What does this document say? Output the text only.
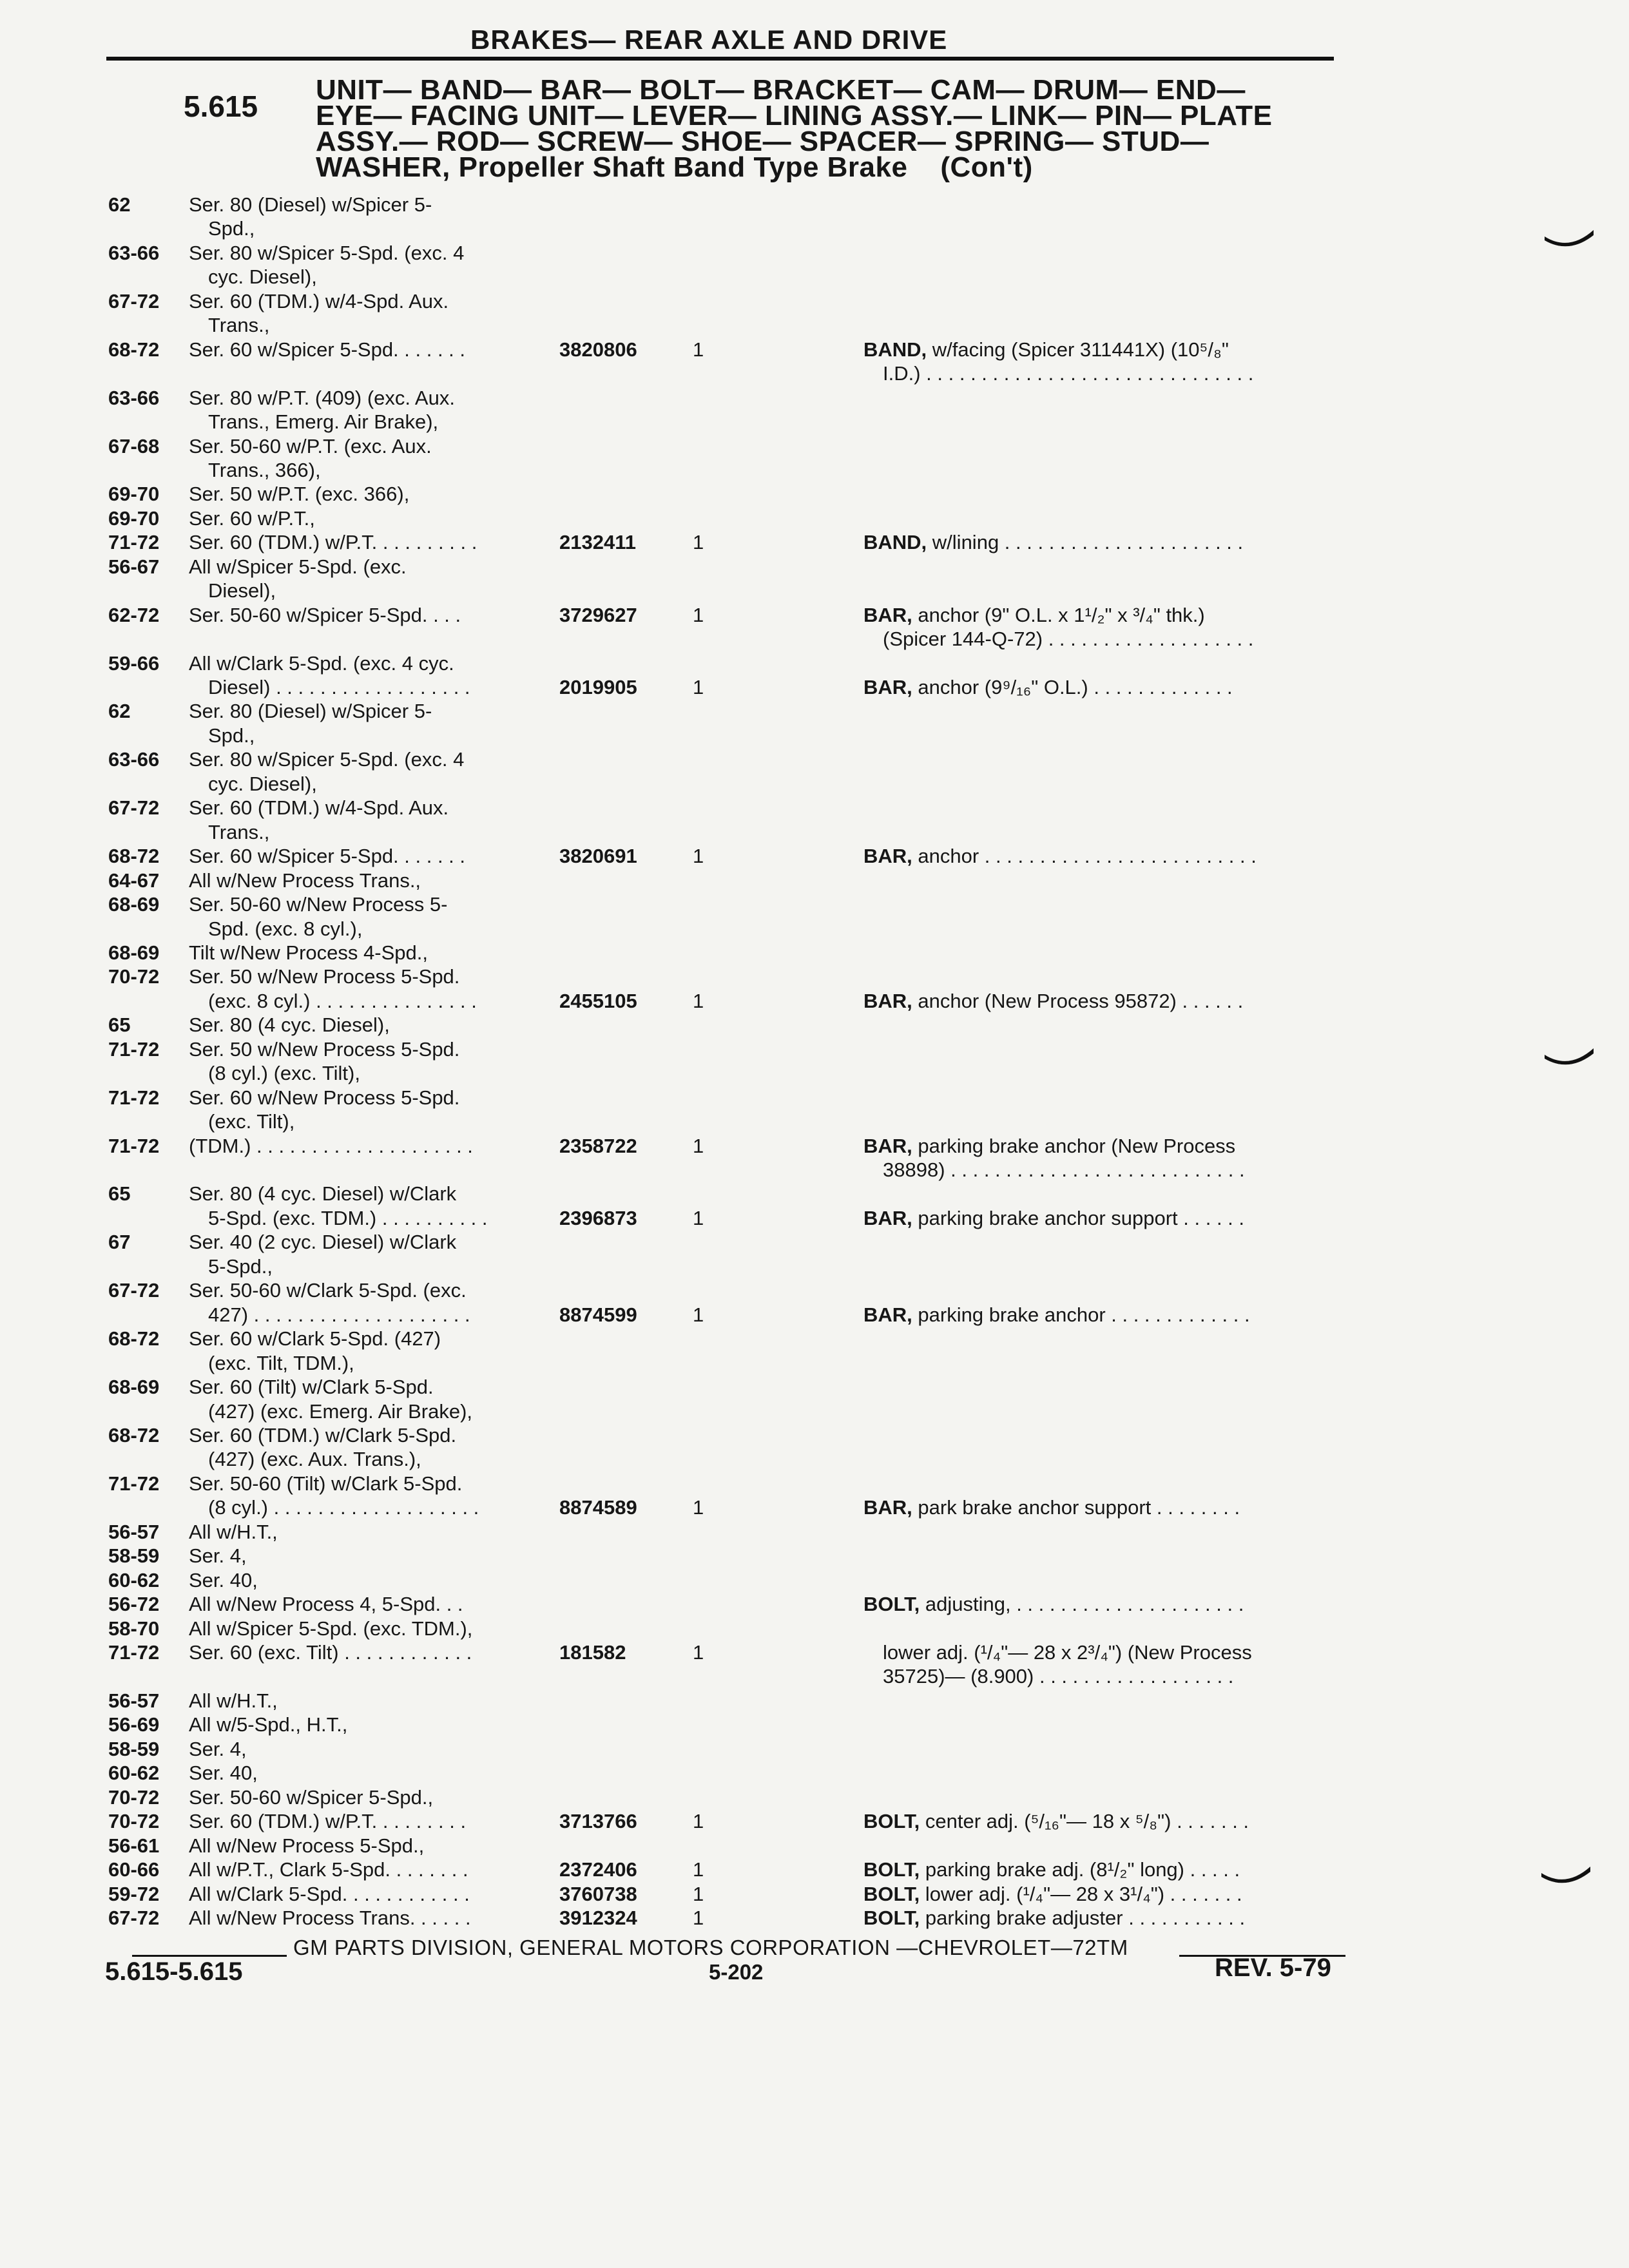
BRAKES— REAR AXLE AND DRIVE
5.615 UNIT— BAND— BAR— BOLT— BRACKET— CAM— DRUM— END—
EYE— FACING UNIT— LEVER— LINING ASSY.— LINK— PIN— PLATE
ASSY.— ROD— SCREW— SHOE— SPACER— SPRING— STUD—
WASHER, Propeller Shaft Band Type Brake    (Con't)
62	Ser. 80 (Diesel) w/Spicer 5-
Spd.,
63-66 Ser. 80 w/Spicer 5-Spd. (exc. 4
cyc. Diesel),
67-72 Ser. 60 (TDM.) w/4-Spd. Aux.
Trans.,
68-72 Ser. 60 w/Spicer 5-Spd. . . . . . .	3820806	1	BAND, w/facing (Spicer 311441X) (10⁵/₈"
I.D.) . . . . . . . . . . . . . . . . . . . . . . . . . . . . . .
63-66 Ser. 80 w/P.T. (409) (exc. Aux.
Trans., Emerg. Air Brake),
67-68 Ser. 50-60 w/P.T. (exc. Aux.
Trans., 366),
69-70 Ser. 50 w/P.T. (exc. 366),
69-70 Ser. 60 w/P.T.,
71-72 Ser. 60 (TDM.) w/P.T. . . . . . . . . .	2132411	1	BAND, w/lining . . . . . . . . . . . . . . . . . . . . . .
56-67 All w/Spicer 5-Spd. (exc.
Diesel),
62-72 Ser. 50-60 w/Spicer 5-Spd. . . .	3729627	1	BAR, anchor (9" O.L. x 1¹/₂" x ³/₄" thk.)
(Spicer 144-Q-72) . . . . . . . . . . . . . . . . . . .
59-66 All w/Clark 5-Spd. (exc. 4 cyc.
Diesel) . . . . . . . . . . . . . . . . . .	2019905	1	BAR, anchor (9⁹/₁₆" O.L.) . . . . . . . . . . . . .
62	Ser. 80 (Diesel) w/Spicer 5-
Spd.,
63-66 Ser. 80 w/Spicer 5-Spd. (exc. 4
cyc. Diesel),
67-72 Ser. 60 (TDM.) w/4-Spd. Aux.
Trans.,
68-72 Ser. 60 w/Spicer 5-Spd. . . . . . .	3820691	1	BAR, anchor . . . . . . . . . . . . . . . . . . . . . . . . .
64-67 All w/New Process Trans.,
68-69 Ser. 50-60 w/New Process 5-
Spd. (exc. 8 cyl.),
68-69 Tilt w/New Process 4-Spd.,
70-72 Ser. 50 w/New Process 5-Spd.
(exc. 8 cyl.) . . . . . . . . . . . . . . .	2455105	1	BAR, anchor (New Process 95872) . . . . . .
65	Ser. 80 (4 cyc. Diesel),
71-72 Ser. 50 w/New Process 5-Spd.
(8 cyl.) (exc. Tilt),
71-72 Ser. 60 w/New Process 5-Spd.
(exc. Tilt),
71-72 (TDM.) . . . . . . . . . . . . . . . . . . . .	2358722	1	BAR, parking brake anchor (New Process
38898) . . . . . . . . . . . . . . . . . . . . . . . . . . .
65	Ser. 80 (4 cyc. Diesel) w/Clark
5-Spd. (exc. TDM.) . . . . . . . . . .	2396873	1	BAR, parking brake anchor support . . . . . .
67	Ser. 40 (2 cyc. Diesel) w/Clark
5-Spd.,
67-72 Ser. 50-60 w/Clark 5-Spd. (exc.
427) . . . . . . . . . . . . . . . . . . . .	8874599	1	BAR, parking brake anchor . . . . . . . . . . . . .
68-72 Ser. 60 w/Clark 5-Spd. (427)
(exc. Tilt, TDM.),
68-69 Ser. 60 (Tilt) w/Clark 5-Spd.
(427) (exc. Emerg. Air Brake),
68-72 Ser. 60 (TDM.) w/Clark 5-Spd.
(427) (exc. Aux. Trans.),
71-72 Ser. 50-60 (Tilt) w/Clark 5-Spd.
(8 cyl.) . . . . . . . . . . . . . . . . . . .	8874589	1	BAR, park brake anchor support . . . . . . . .
56-57 All w/H.T.,
58-59 Ser. 4,
60-62 Ser. 40,
56-72 All w/New Process 4, 5-Spd. . .	BOLT, adjusting, . . . . . . . . . . . . . . . . . . . . .
58-70 All w/Spicer 5-Spd. (exc. TDM.),
71-72 Ser. 60 (exc. Tilt) . . . . . . . . . . . .	181582	1	lower adj. (¹/₄"— 28 x 2³/₄") (New Process
35725)— (8.900) . . . . . . . . . . . . . . . . . .
56-57 All w/H.T.,
56-69 All w/5-Spd., H.T.,
58-59 Ser. 4,
60-62 Ser. 40,
70-72 Ser. 50-60 w/Spicer 5-Spd.,
70-72 Ser. 60 (TDM.) w/P.T. . . . . . . . .	3713766	1	BOLT, center adj. (⁵/₁₆"— 18 x ⁵/₈") . . . . . . .
56-61 All w/New Process 5-Spd.,
60-66 All w/P.T., Clark 5-Spd. . . . . . . .	2372406	1	BOLT, parking brake adj. (8¹/₂" long) . . . . .
59-72 All w/Clark 5-Spd. . . . . . . . . . . .	3760738	1	BOLT, lower adj. (¹/₄"— 28 x 3¹/₄") . . . . . . .
67-72 All w/New Process Trans. . . . . .	3912324	1	BOLT, parking brake adjuster . . . . . . . . . . .
GM PARTS DIVISION, GENERAL MOTORS CORPORATION —CHEVROLET—72TM
5.615-5.615	5-202	REV. 5-79
